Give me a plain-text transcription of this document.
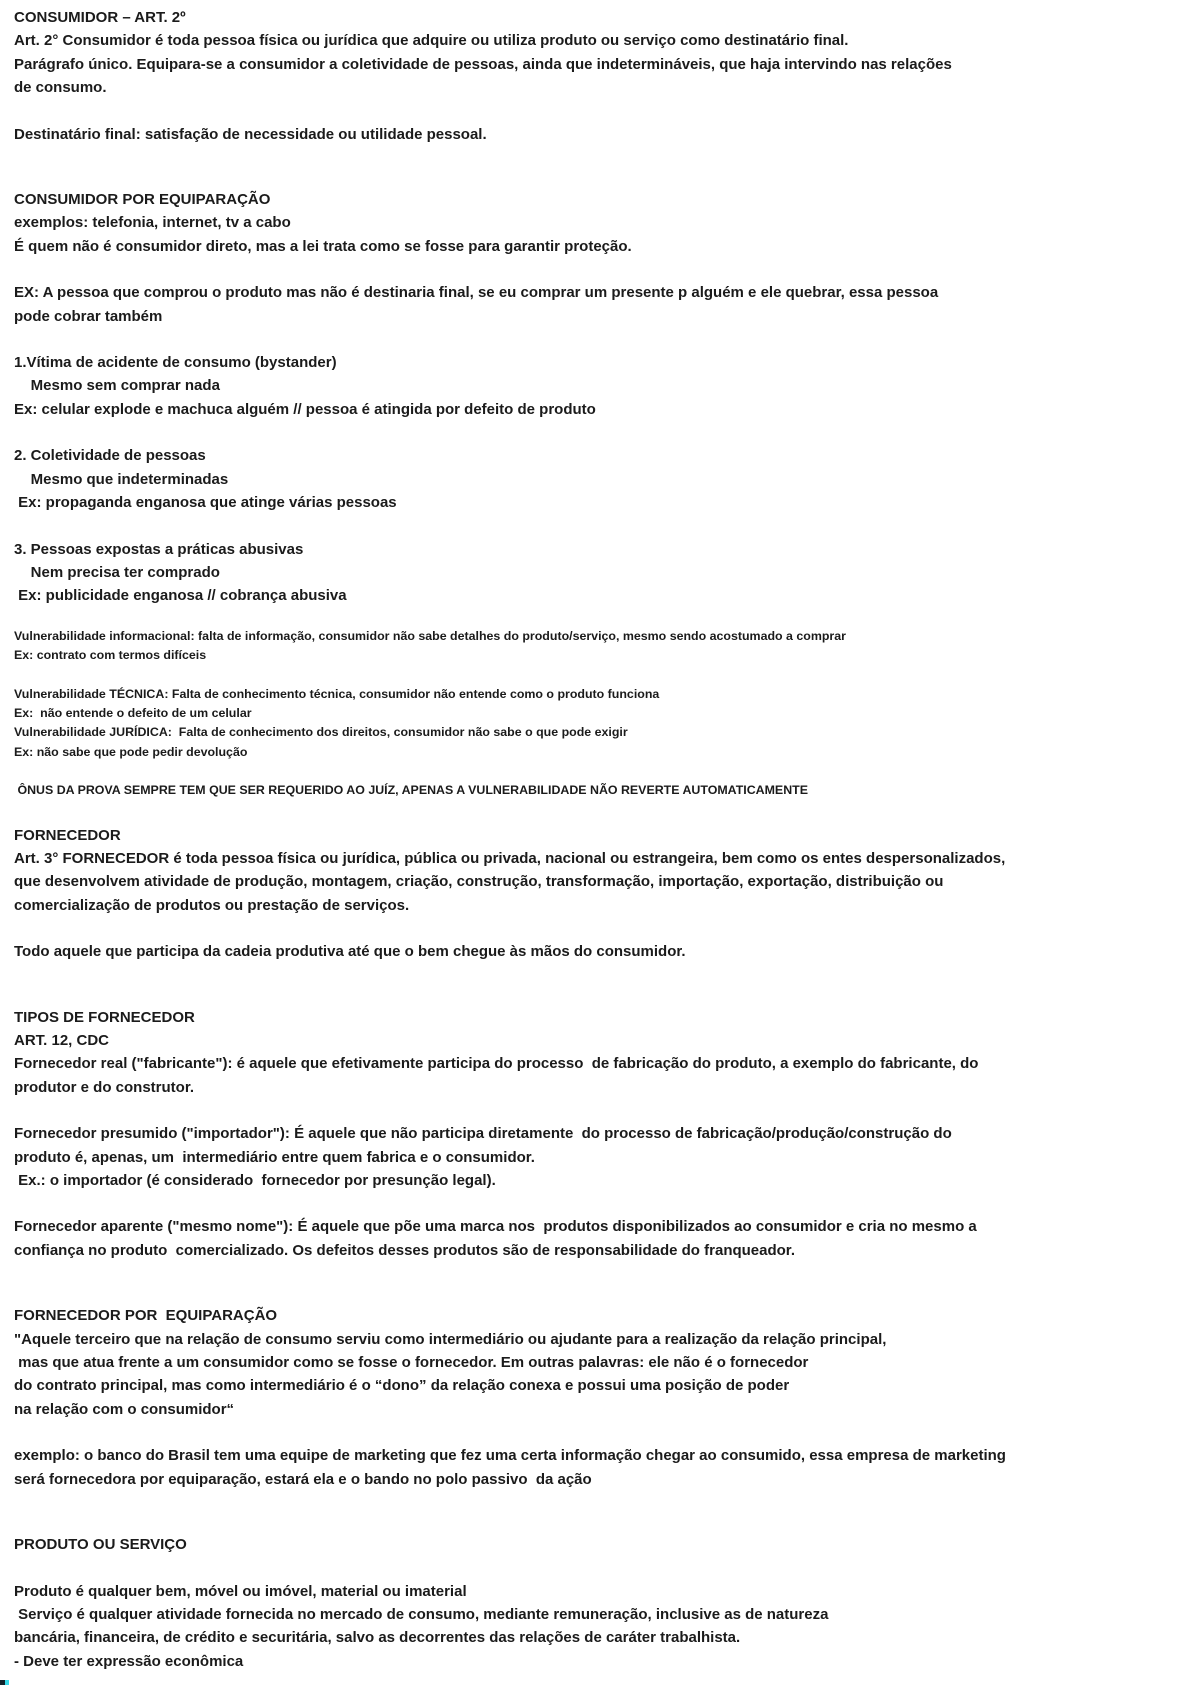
CONSUMIDOR – ART. 2º
Art. 2° Consumidor é toda pessoa física ou jurídica que adquire ou utiliza produto ou serviço como destinatário final.
Parágrafo único. Equipara-se a consumidor a coletividade de pessoas, ainda que indetermináveis, que haja intervindo nas relações
de consumo.
Destinatário final: satisfação de necessidade ou utilidade pessoal.
CONSUMIDOR POR EQUIPARAÇÃO
exemplos: telefonia, internet, tv a cabo
É quem não é consumidor direto, mas a lei trata como se fosse para garantir proteção.
EX: A pessoa que comprou o produto mas não é destinaria final, se eu comprar um presente p alguém e ele quebrar, essa pessoa
pode cobrar também
1.Vítima de acidente de consumo (bystander)
Mesmo sem comprar nada
Ex: celular explode e machuca alguém // pessoa é atingida por defeito de produto
2. Coletividade de pessoas
Mesmo que indeterminadas
Ex: propaganda enganosa que atinge várias pessoas
3. Pessoas expostas a práticas abusivas
Nem precisa ter comprado
Ex: publicidade enganosa // cobrança abusiva
Vulnerabilidade informacional: falta de informação, consumidor não sabe detalhes do produto/serviço, mesmo sendo acostumado a comprar
Ex: contrato com termos difíceis
Vulnerabilidade TÉCNICA: Falta de conhecimento técnica, consumidor não entende como o produto funciona
Ex:  não entende o defeito de um celular
Vulnerabilidade JURÍDICA:  Falta de conhecimento dos direitos, consumidor não sabe o que pode exigir
Ex: não sabe que pode pedir devolução
ÔNUS DA PROVA SEMPRE TEM QUE SER REQUERIDO AO JUÍZ, APENAS A VULNERABILIDADE NÃO REVERTE AUTOMATICAMENTE
FORNECEDOR
Art. 3° FORNECEDOR é toda pessoa física ou jurídica, pública ou privada, nacional ou estrangeira, bem como os entes despersonalizados,
que desenvolvem atividade de produção, montagem, criação, construção, transformação, importação, exportação, distribuição ou
comercialização de produtos ou prestação de serviços.
Todo aquele que participa da cadeia produtiva até que o bem chegue às mãos do consumidor.
TIPOS DE FORNECEDOR
ART. 12, CDC
Fornecedor real ("fabricante"): é aquele que efetivamente participa do processo  de fabricação do produto, a exemplo do fabricante, do
produtor e do construtor.
Fornecedor presumido ("importador"): É aquele que não participa diretamente  do processo de fabricação/produção/construção do
produto é, apenas, um  intermediário entre quem fabrica e o consumidor.
Ex.: o importador (é considerado  fornecedor por presunção legal).
Fornecedor aparente ("mesmo nome"): É aquele que põe uma marca nos  produtos disponibilizados ao consumidor e cria no mesmo a
confiança no produto  comercializado. Os defeitos desses produtos são de responsabilidade do franqueador.
FORNECEDOR POR  EQUIPARAÇÃO
"Aquele terceiro que na relação de consumo serviu como intermediário ou ajudante para a realização da relação principal,
mas que atua frente a um consumidor como se fosse o fornecedor. Em outras palavras: ele não é o fornecedor
do contrato principal, mas como intermediário é o “dono” da relação conexa e possui uma posição de poder
na relação com o consumidor“
exemplo: o banco do Brasil tem uma equipe de marketing que fez uma certa informação chegar ao consumido, essa empresa de marketing
será fornecedora por equiparação, estará ela e o bando no polo passivo  da ação
PRODUTO OU SERVIÇO
Produto é qualquer bem, móvel ou imóvel, material ou imaterial
Serviço é qualquer atividade fornecida no mercado de consumo, mediante remuneração, inclusive as de natureza
bancária, financeira, de crédito e securitária, salvo as decorrentes das relações de caráter trabalhista.
- Deve ter expressão econômica
